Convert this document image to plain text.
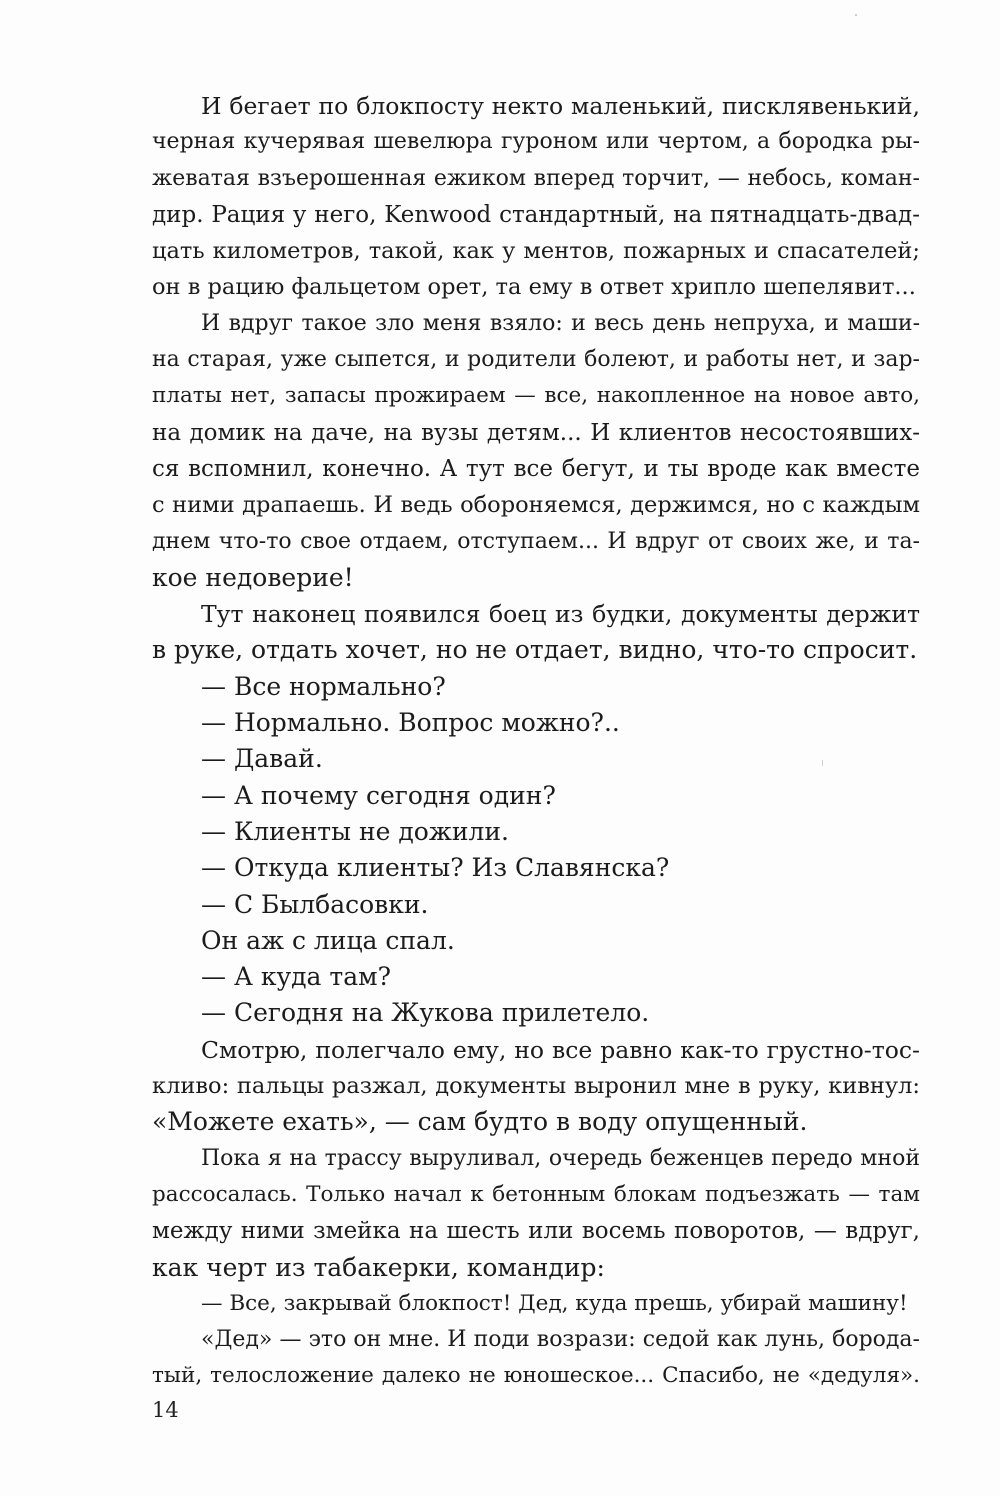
И бегает по блокпосту некто маленький, писклявенький,
черная кучерявая шевелюра гуроном или чертом, а бородка ры-
жеватая взъерошенная ежиком вперед торчит, — небось, коман-
дир. Рация у него, Kenwood стандартный, на пятнадцать-двад-
цать километров, такой, как у ментов, пожарных и спасателей;
он в рацию фальцетом орет, та ему в ответ хрипло шепелявит...
И вдруг такое зло меня взяло: и весь день непруха, и маши-
на старая, уже сыпется, и родители болеют, и работы нет, и зар-
платы нет, запасы прожираем — все, накопленное на новое авто,
на домик на даче, на вузы детям... И клиентов несостоявших-
ся вспомнил, конечно. А тут все бегут, и ты вроде как вместе
с ними драпаешь. И ведь обороняемся, держимся, но с каждым
днем что-то свое отдаем, отступаем... И вдруг от своих же, и та-
кое недоверие!
Тут наконец появился боец из будки, документы держит
в руке, отдать хочет, но не отдает, видно, что-то спросит.
— Все нормально?
— Нормально. Вопрос можно?..
— Давай.
— А почему сегодня один?
— Клиенты не дожили.
— Откуда клиенты? Из Славянска?
— С Былбасовки.
Он аж с лица спал.
— А куда там?
— Сегодня на Жукова прилетело.
Смотрю, полегчало ему, но все равно как-то грустно-тос-
кливо: пальцы разжал, документы выронил мне в руку, кивнул:
«Можете ехать», — сам будто в воду опущенный.
Пока я на трассу выруливал, очередь беженцев передо мной
рассосалась. Только начал к бетонным блокам подъезжать — там
между ними змейка на шесть или восемь поворотов, — вдруг,
как черт из табакерки, командир:
— Все, закрывай блокпост! Дед, куда прешь, убирай машину!
«Дед» — это он мне. И поди возрази: седой как лунь, борода-
тый, телосложение далеко не юношеское... Спасибо, не «дедуля».
14
